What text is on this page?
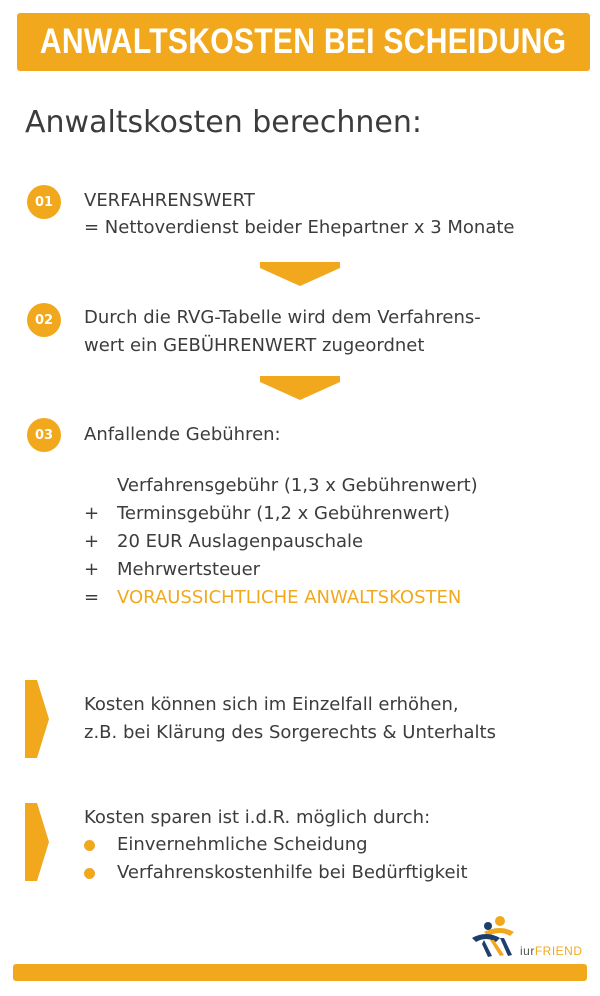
ANWALTSKOSTEN BEI SCHEIDUNG
Anwaltskosten berechnen:
01	VERFAHRENSWERT
= Nettoverdienst beider Ehepartner x 3 Monate
02	Durch die RVG-Tabelle wird dem Verfahrens-
wert ein GEBÜHRENWERT zugeordnet
03	Anfallende Gebühren:
Verfahrensgebühr (1,3 x Gebührenwert)
+ Terminsgebühr (1,2 x Gebührenwert)
+ 20 EUR Auslagenpauschale
+ Mehrwertsteuer
= VORAUSSICHTLICHE ANWALTSKOSTEN
Kosten können sich im Einzelfall erhöhen,
z.B. bei Klärung des Sorgerechts & Unterhalts
Kosten sparen ist i.d.R. möglich durch:
Einvernehmliche Scheidung
Verfahrenskostenhilfe bei Bedürftigkeit
iurFRIEND
